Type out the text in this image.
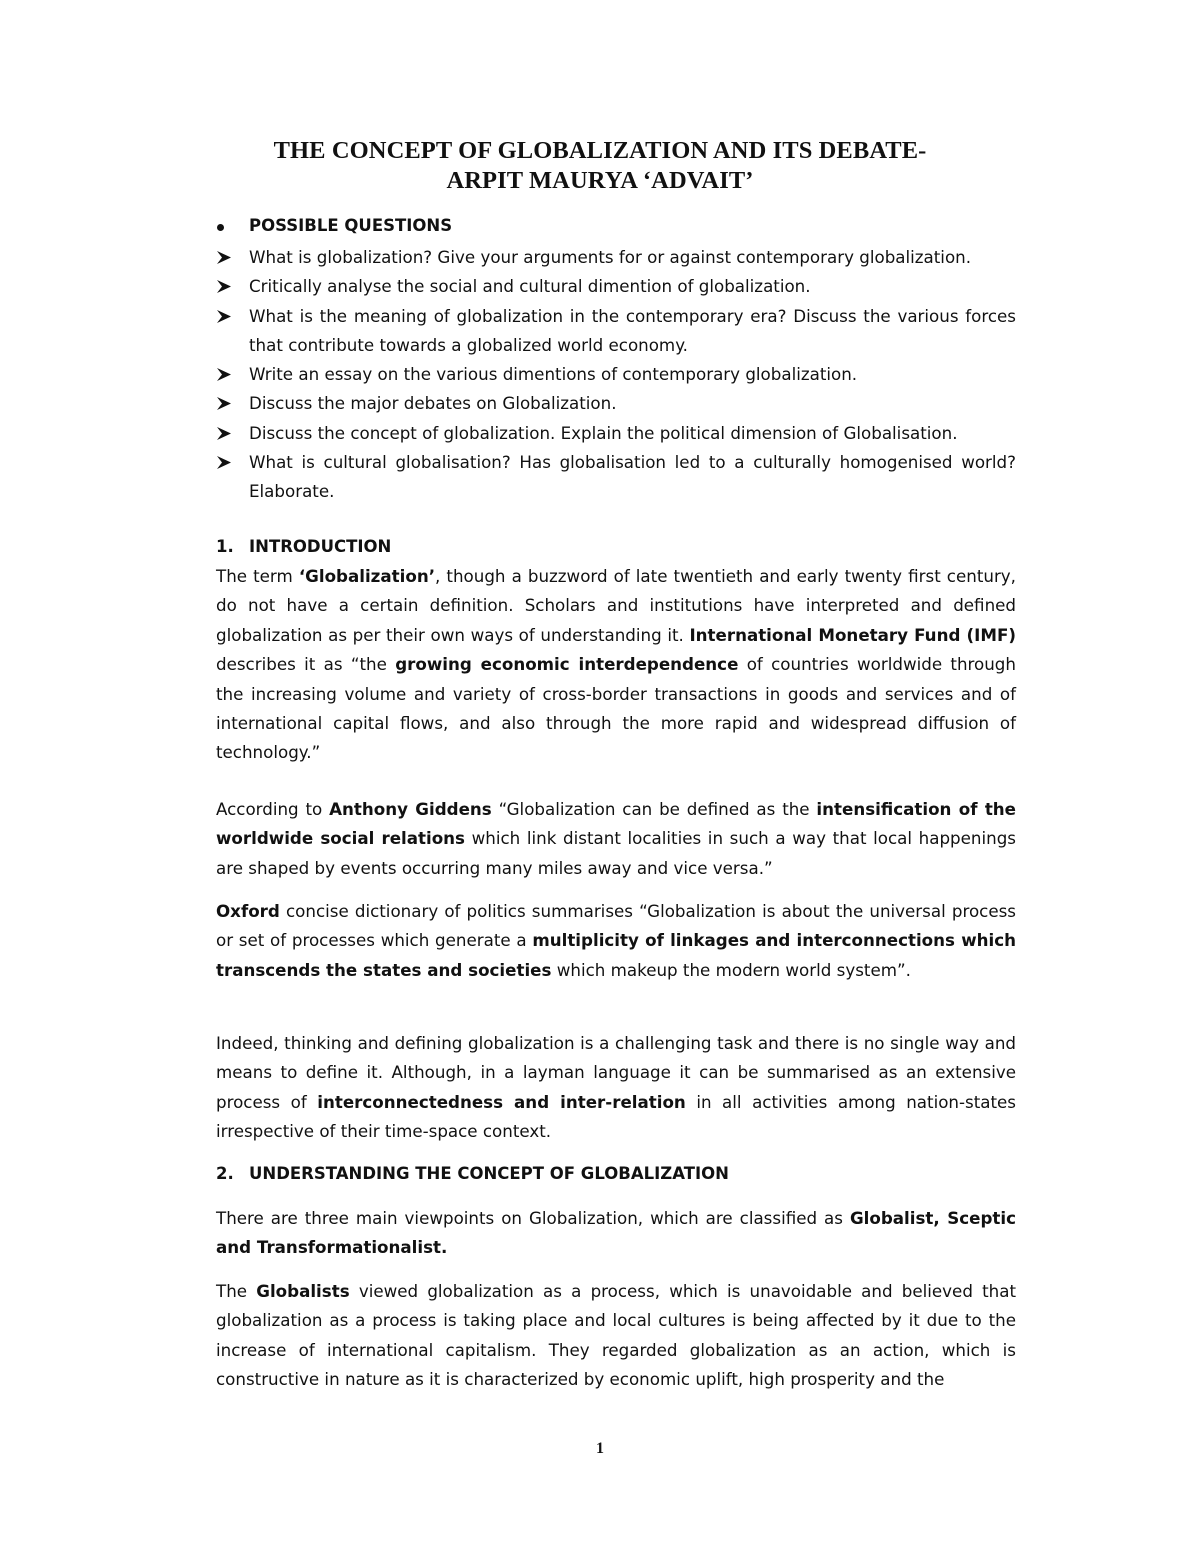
THE CONCEPT OF GLOBALIZATION AND ITS DEBATE-
ARPIT MAURYA ‘ADVAIT’
POSSIBLE QUESTIONS
What is globalization? Give your arguments for or against contemporary globalization.
Critically analyse the social and cultural dimention of globalization.
What is the meaning of globalization in the contemporary era? Discuss the various forces that contribute towards a globalized world economy.
Write an essay on the various dimentions of contemporary globalization.
Discuss the major debates on Globalization.
Discuss the concept of globalization. Explain the political dimension of Globalisation.
What is cultural globalisation? Has globalisation led to a culturally homogenised world?Elaborate.
1. INTRODUCTION

The term ‘Globalization’, though a buzzword of late twentieth and early twenty first century, do not have a certain definition. Scholars and institutions have interpreted and defined globalization as per their own ways of understanding it. International Monetary Fund (IMF) describes it as “the growing economic interdependence of countries worldwide through the increasing volume and variety of cross-border transactions in goods and services and of international capital flows, and also through the more rapid and widespread diffusion of technology.”

According to Anthony Giddens “Globalization can be defined as the intensification of the worldwide social relations which link distant localities in such a way that local happenings are shaped by events occurring many miles away and vice versa.”

Oxford concise dictionary of politics summarises “Globalization is about the universal process or set of processes which generate a multiplicity of linkages and interconnections which transcends the states and societies which makeup the modern world system”.

Indeed, thinking and defining globalization is a challenging task and there is no single way and means to define it. Although, in a layman language it can be summarised as an extensive process of interconnectedness and inter-relation in all activities among nation-states irrespective of their time-space context.

2. UNDERSTANDING THE CONCEPT OF GLOBALIZATION

There are three main viewpoints on Globalization, which are classified as Globalist, Sceptic and Transformationalist.

The Globalists viewed globalization as a process, which is unavoidable and believed that globalization as a process is taking place and local cultures is being affected by it due to the increase of international capitalism. They regarded globalization as an action, which is constructive in nature as it is characterized by economic uplift, high prosperity and the

1
